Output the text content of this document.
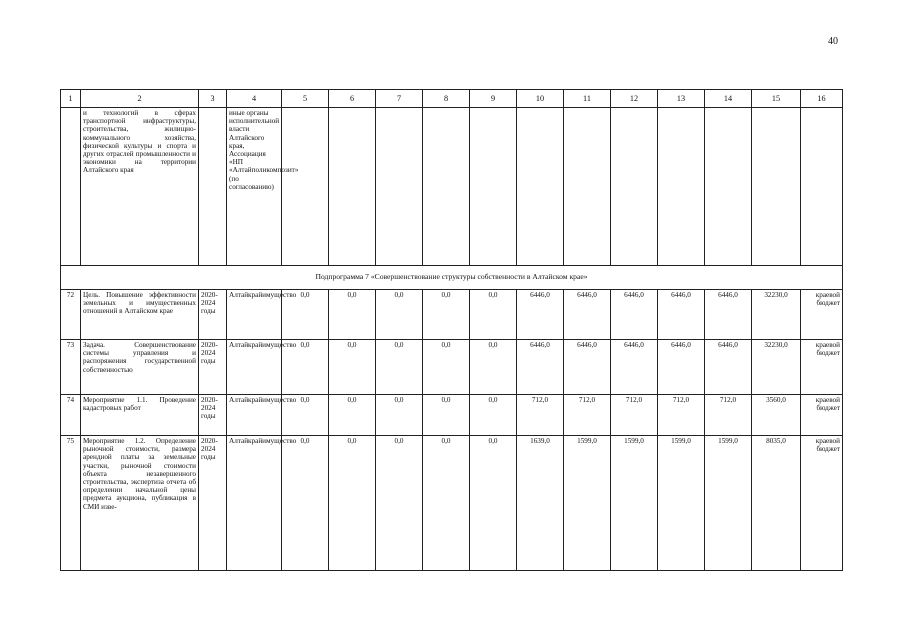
40
1	2	3	4	5	6	7	8	9	10	11	12	13	14	15	16
	и технологий в сферах транспортной инфраструктуры, строительства, жилищно-коммунального хозяйства, физической культуры и спорта и других отраслей промышленности и экономики на территории Алтайского края		иные органы исполнительной власти Алтайского края, Ассоциация «НП «Алтайполикомпозит» (по согласованию)												
Подпрограмма 7 «Совершенствование структуры собственности в Алтайском крае»															
72	Цель. Повышение эффективности земельных и имущественных отношений в Алтайском крае	2020-2024 годы	Алтайкрайимущество	0,0	0,0	0,0	0,0	0,0	6446,0	6446,0	6446,0	6446,0	6446,0	32230,0	краевой бюджет
73	Задача. Совершенствование системы управления и распоряжения государственной собственностью	2020-2024 годы	Алтайкрайимущество	0,0	0,0	0,0	0,0	0,0	6446,0	6446,0	6446,0	6446,0	6446,0	32230,0	краевой бюджет
74	Мероприятие 1.1. Проведение кадастровых работ	2020-2024 годы	Алтайкрайимущество	0,0	0,0	0,0	0,0	0,0	712,0	712,0	712,0	712,0	712,0	3560,0	краевой бюджет
75	Мероприятие 1.2. Определение рыночной стоимости, размера арендной платы за земельные участки, рыночной стоимости объекта незавершенного строительства, экспертиза отчета об определении начальной цены предмета аукциона, публикация в СМИ изве-	2020-2024 годы	Алтайкрайимущество	0,0	0,0	0,0	0,0	0,0	1639,0	1599,0	1599,0	1599,0	1599,0	8035,0	краевой бюджет
